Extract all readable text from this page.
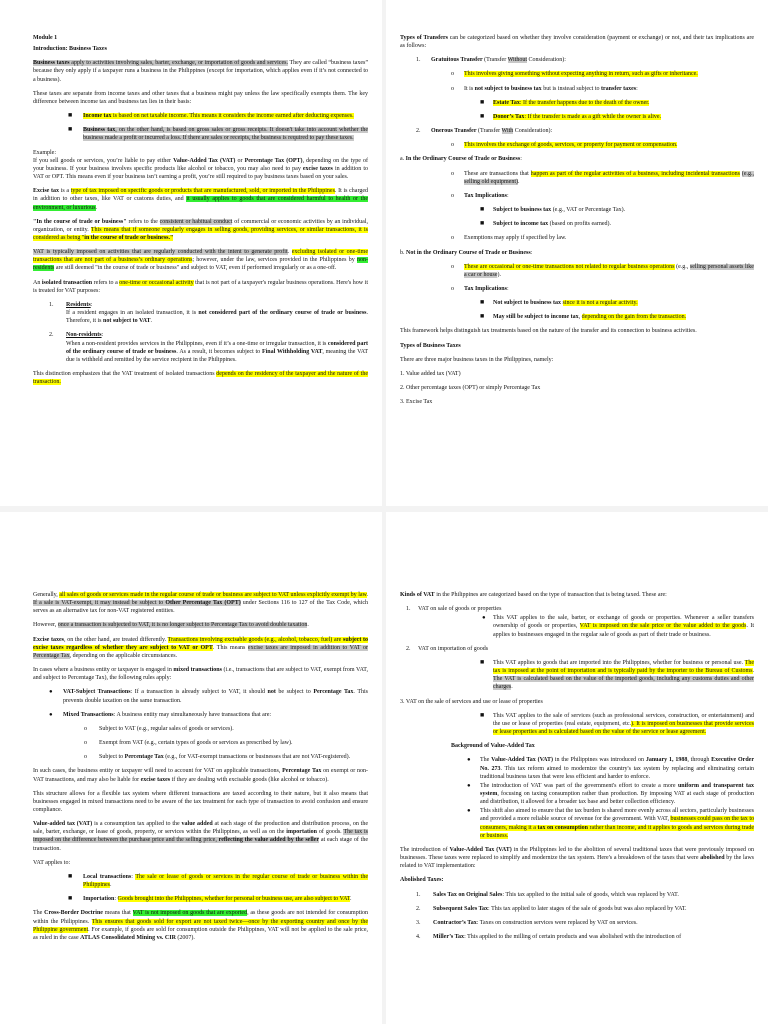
Module 1

Introduction: Business Taxes

Business taxes apply to activities involving sales, barter, exchange, or importation of goods and services. They are called “business taxes” because they only apply if a taxpayer runs a business in the Philippines (except for importation, which applies even if it’s not connected to a business).

These taxes are separate from income taxes and other taxes that a business might pay unless the law specifically exempts them. The key difference between income tax and business tax lies in their basis:

■ Income tax is based on net taxable income. This means it considers the income earned after deducting expenses.
■ Business tax, on the other hand, is based on gross sales or gross receipts. It doesn't take into account whether the business made a profit or incurred a loss. If there are sales or receipts, the business is required to pay these taxes.

Example:
If you sell goods or services, you’re liable to pay either Value-Added Tax (VAT) or Percentage Tax (OPT), depending on the type of your business. If your business involves specific products like alcohol or tobacco, you may also need to pay excise taxes in addition to VAT or OPT. This means even if your business isn’t earning a profit, you’re still required to pay business taxes based on your sales.

Excise tax is a type of tax imposed on specific goods or products that are manufactured, sold, or imported in the Philippines. It is charged in addition to other taxes, like VAT or customs duties, and it usually applies to goods that are considered harmful to health or the environment, or luxurious.

"In the course of trade or business" refers to the consistent or habitual conduct of commercial or economic activities by an individual, organization, or entity. This means that if someone regularly engages in selling goods, providing services, or similar transactions, it is considered as being "in the course of trade or business."

VAT is typically imposed on activities that are regularly conducted with the intent to generate profit. excluding isolated or one-time transactions that are not part of a business’s ordinary operations; however, under the law, services provided in the Philippines by non-residents are still deemed "in the course of trade or business" and subject to VAT, even if performed irregularly or as a one-off.

An isolated transaction refers to a one-time or occasional activity that is not part of a taxpayer's regular business operations. Here's how it is treated for VAT purposes:

1. Residents:
If a resident engages in an isolated transaction, it is not considered part of the ordinary course of trade or business. Therefore, it is not subject to VAT.
2. Non-residents:
When a non-resident provides services in the Philippines, even if it’s a one-time or irregular transaction, it is considered part of the ordinary course of trade or business. As a result, it becomes subject to Final Withholding VAT, meaning the VAT due is withheld and remitted by the service recipient in the Philippines.

This distinction emphasizes that the VAT treatment of isolated transactions depends on the residency of the taxpayer and the nature of the transaction.

Types of Transfers can be categorized based on whether they involve consideration (payment or exchange) or not, and their tax implications are as follows:

1. Gratuitous Transfer (Transfer Without Consideration):
o This involves giving something without expecting anything in return, such as gifts or inheritance.
o It is not subject to business tax but is instead subject to transfer taxes:
■ Estate Tax: If the transfer happens due to the death of the owner.
■ Donor’s Tax: If the transfer is made as a gift while the owner is alive.
2. Onerous Transfer (Transfer With Consideration):
o This involves the exchange of goods, services, or property for payment or compensation.

a. In the Ordinary Course of Trade or Business:

o These are transactions that happen as part of the regular activities of a business, including incidental transactions (e.g., selling old equipment).
o Tax Implications:
■ Subject to business tax (e.g., VAT or Percentage Tax).
■ Subject to income tax (based on profits earned).
o Exemptions may apply if specified by law.

b. Not in the Ordinary Course of Trade or Business:

o These are occasional or one-time transactions not related to regular business operations (e.g., selling personal assets like a car or house).
o Tax Implications:
■ Not subject to business tax since it is not a regular activity.
■ May still be subject to income tax, depending on the gain from the transaction.

This framework helps distinguish tax treatments based on the nature of the transfer and its connection to business activities.

Types of Business Taxes

There are three major business taxes in the Philippines, namely:

1. Value added tax (VAT)

2. Other percentage taxes (OPT) or simply Percentage Tax

3. Excise Tax

Generally, all sales of goods or services made in the regular course of trade or business are subject to VAT unless explicitly exempt by law. If a sale is VAT-exempt, it may instead be subject to Other Percentage Tax (OPT) under Sections 116 to 127 of the Tax Code, which serves as an alternative tax for non-VAT registered entities.

However, once a transaction is subjected to VAT, it is no longer subject to Percentage Tax to avoid double taxation.

Excise taxes, on the other hand, are treated differently. Transactions involving excisable goods (e.g., alcohol, tobacco, fuel) are subject to excise taxes regardless of whether they are subject to VAT or OPT. This means excise taxes are imposed in addition to VAT or Percentage Tax, depending on the applicable circumstances.

In cases where a business entity or taxpayer is engaged in mixed transactions (i.e., transactions that are subject to VAT, exempt from VAT, and subject to Percentage Tax), the following rules apply:

● VAT-Subject Transactions: If a transaction is already subject to VAT, it should not be subject to Percentage Tax. This prevents double taxation on the same transaction.
● Mixed Transactions: A business entity may simultaneously have transactions that are:
o Subject to VAT (e.g., regular sales of goods or services).
o Exempt from VAT (e.g., certain types of goods or services as prescribed by law).
o Subject to Percentage Tax (e.g., for VAT-exempt transactions or businesses that are not VAT-registered).

In such cases, the business entity or taxpayer will need to account for VAT on applicable transactions, Percentage Tax on exempt or non-VAT transactions, and may also be liable for excise taxes if they are dealing with excisable goods (like alcohol or tobacco).

This structure allows for a flexible tax system where different transactions are taxed according to their nature, but it also means that businesses engaged in mixed transactions need to be aware of the tax treatment for each type of transaction to avoid confusion and ensure compliance.

Value-added tax (VAT) is a consumption tax applied to the value added at each stage of the production and distribution process, on the sale, barter, exchange, or lease of goods, property, or services within the Philippines, as well as on the importation of goods. The tax is imposed on the difference between the purchase price and the selling price, reflecting the value added by the seller at each stage of the transaction.

VAT applies to:

■ Local transactions: The sale or lease of goods or services in the regular course of trade or business within the Philippines.
■ Importation: Goods brought into the Philippines, whether for personal or business use, are also subject to VAT.

The Cross-Border Doctrine means that VAT is not imposed on goods that are exported, as these goods are not intended for consumption within the Philippines. This ensures that goods sold for export are not taxed twice—once by the exporting country and once by the Philippine government. For example, if goods are sold for consumption outside the Philippines, VAT will not be applied to the sale price, as ruled in the case ATLAS Consolidated Mining vs. CIR (2007).

Kinds of VAT in the Philippines are categorized based on the type of transaction that is being taxed. These are:

1. VAT on sale of goods or properties
● This VAT applies to the sale, barter, or exchange of goods or properties. Whenever a seller transfers ownership of goods or properties, VAT is imposed on the sale price or the value added to the goods. It applies to businesses engaged in the regular sale of goods as part of their trade or business.
2. VAT on importation of goods
■ This VAT applies to goods that are imported into the Philippines, whether for business or personal use. The tax is imposed at the point of importation and is typically paid by the importer to the Bureau of Customs. The VAT is calculated based on the value of the imported goods, including any customs duties and other charges.

3. VAT on the sale of services and use or lease of properties

■ This VAT applies to the sale of services (such as professional services, construction, or entertainment) and the use or lease of properties (real estate, equipment, etc.). It is imposed on businesses that provide services or lease properties and is calculated based on the value of the service or lease agreement.

Background of Value-Added Tax

● The Value-Added Tax (VAT) in the Philippines was introduced on January 1, 1988, through Executive Order No. 273. This tax reform aimed to modernize the country's tax system by replacing and eliminating certain traditional business taxes that were less efficient and harder to enforce.
● The introduction of VAT was part of the government's effort to create a more uniform and transparent tax system, focusing on taxing consumption rather than production. By imposing VAT at each stage of production and distribution, it allowed for a broader tax base and better collection efficiency.
● This shift also aimed to ensure that the tax burden is shared more evenly across all sectors, particularly businesses and provided a more reliable source of revenue for the government. With VAT, businesses could pass on the tax to consumers, making it a tax on consumption rather than income, and it applies to goods and services during trade or business.

The introduction of Value-Added Tax (VAT) in the Philippines led to the abolition of several traditional taxes that were previously imposed on businesses. These taxes were replaced to simplify and modernize the tax system. Here's a breakdown of the taxes that were abolished by the laws related to VAT implementation:

Abolished Taxes:

1. Sales Tax on Original Sales: This tax applied to the initial sale of goods, which was replaced by VAT.
2. Subsequent Sales Tax: This tax applied to later stages of the sale of goods but was also replaced by VAT.
3. Contractor’s Tax: Taxes on construction services were replaced by VAT on services.
4. Miller’s Tax: This applied to the milling of certain products and was abolished with the introduction of
